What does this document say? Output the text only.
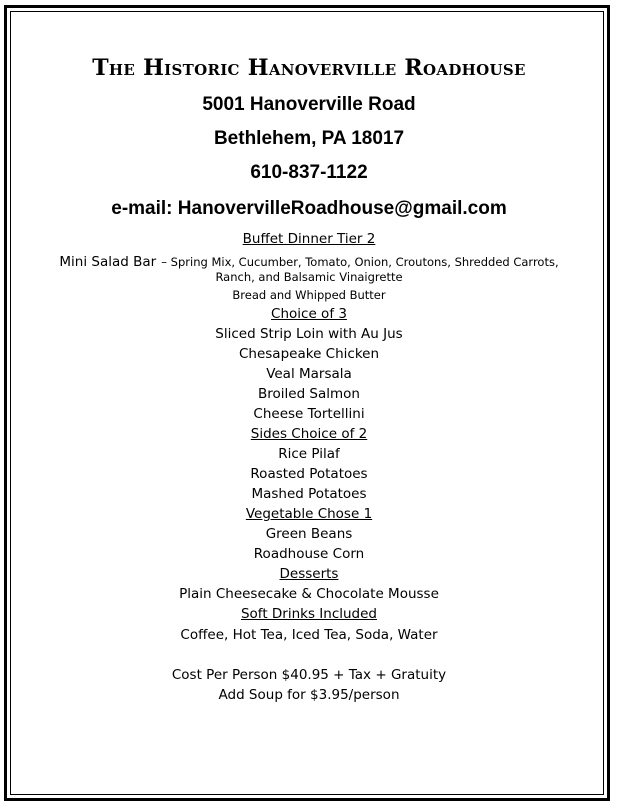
The Historic Hanoverville Roadhouse
5001 Hanoverville Road
Bethlehem, PA 18017
610-837-1122
e-mail: HanovervilleRoadhouse@gmail.com
Buffet Dinner Tier 2
Mini Salad Bar – Spring Mix, Cucumber, Tomato, Onion, Croutons, Shredded Carrots,
Ranch, and Balsamic Vinaigrette
Bread and Whipped Butter
Choice of 3
Sliced Strip Loin with Au Jus
Chesapeake Chicken
Veal Marsala
Broiled Salmon
Cheese Tortellini
Sides Choice of 2
Rice Pilaf
Roasted Potatoes
Mashed Potatoes
Vegetable Chose 1
Green Beans
Roadhouse Corn
Desserts
Plain Cheesecake & Chocolate Mousse
Soft Drinks Included
Coffee, Hot Tea, Iced Tea, Soda, Water
Cost Per Person $40.95 + Tax + Gratuity
Add Soup for $3.95/person
